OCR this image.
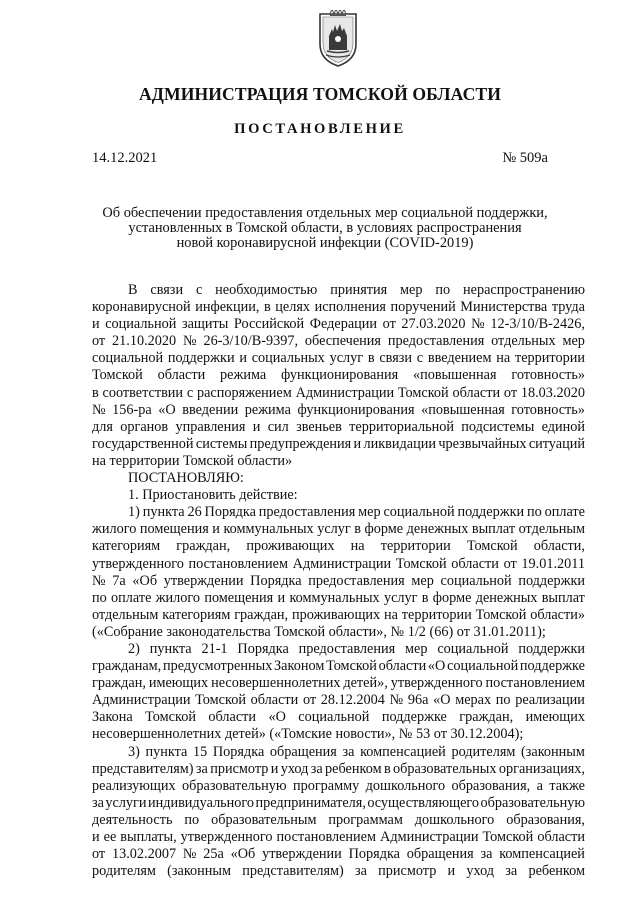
АДМИНИСТРАЦИЯ ТОМСКОЙ ОБЛАСТИ
ПОСТАНОВЛЕНИЕ
14.12.2021	№ 509а
Об обеспечении предоставления отдельных мер социальной поддержки,
установленных в Томской области, в условиях распространения
новой коронавирусной инфекции (COVID-2019)
В связи с необходимостью принятия мер по нераспространению
коронавирусной инфекции, в целях исполнения поручений Министерства труда
и социальной защиты Российской Федерации от 27.03.2020 № 12-3/10/В-2426,
от 21.10.2020 № 26-3/10/В-9397, обеспечения предоставления отдельных мер
социальной поддержки и социальных услуг в связи с введением на территории
Томской области режима функционирования «повышенная готовность»
в соответствии с распоряжением Администрации Томской области от 18.03.2020
№ 156-ра «О введении режима функционирования «повышенная готовность»
для органов управления и сил звеньев территориальной подсистемы единой
государственной системы предупреждения и ликвидации чрезвычайных ситуаций
на территории Томской области»
ПОСТАНОВЛЯЮ:
1. Приостановить действие:
1) пункта 26 Порядка предоставления мер социальной поддержки по оплате
жилого помещения и коммунальных услуг в форме денежных выплат отдельным
категориям граждан, проживающих на территории Томской области,
утвержденного постановлением Администрации Томской области от 19.01.2011
№ 7а «Об утверждении Порядка предоставления мер социальной поддержки
по оплате жилого помещения и коммунальных услуг в форме денежных выплат
отдельным категориям граждан, проживающих на территории Томской области»
(«Собрание законодательства Томской области», № 1/2 (66) от 31.01.2011);
2) пункта 21-1 Порядка предоставления мер социальной поддержки
гражданам, предусмотренных Законом Томской области «О социальной поддержке
граждан, имеющих несовершеннолетних детей», утвержденного постановлением
Администрации Томской области от 28.12.2004 № 96а «О мерах по реализации
Закона Томской области «О социальной поддержке граждан, имеющих
несовершеннолетних детей» («Томские новости», № 53 от 30.12.2004);
3) пункта 15 Порядка обращения за компенсацией родителям (законным
представителям) за присмотр и уход за ребенком в образовательных организациях,
реализующих образовательную программу дошкольного образования, а также
за услуги индивидуального предпринимателя, осуществляющего образовательную
деятельность по образовательным программам дошкольного образования,
и ее выплаты, утвержденного постановлением Администрации Томской области
от 13.02.2007 № 25а «Об утверждении Порядка обращения за компенсацией
родителям (законным представителям) за присмотр и уход за ребенком
